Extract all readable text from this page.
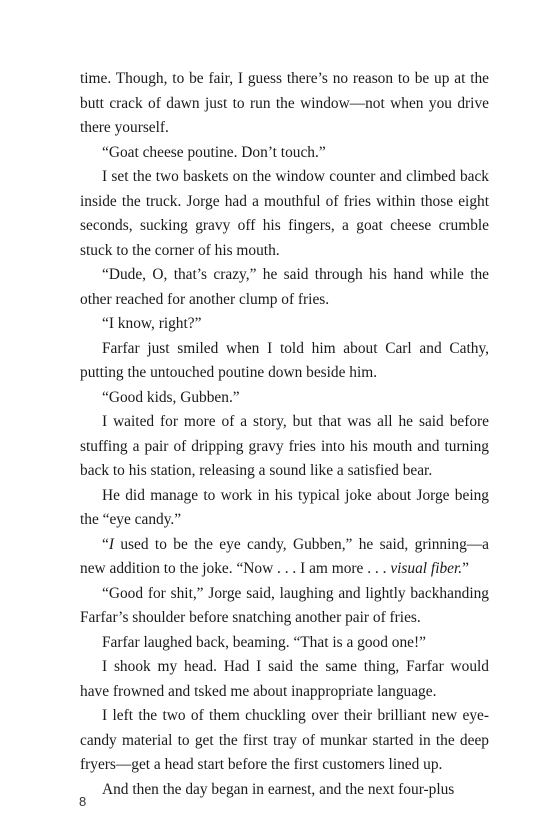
time. Though, to be fair, I guess there’s no reason to be up at the butt crack of dawn just to run the window—not when you drive there yourself.

“Goat cheese poutine. Don’t touch.”

I set the two baskets on the window counter and climbed back inside the truck. Jorge had a mouthful of fries within those eight seconds, sucking gravy off his fingers, a goat cheese crumble stuck to the corner of his mouth.

“Dude, O, that’s crazy,” he said through his hand while the other reached for another clump of fries.

“I know, right?”

Farfar just smiled when I told him about Carl and Cathy, putting the untouched poutine down beside him.

“Good kids, Gubben.”

I waited for more of a story, but that was all he said before stuffing a pair of dripping gravy fries into his mouth and turning back to his station, releasing a sound like a satisfied bear.

He did manage to work in his typical joke about Jorge being the “eye candy.”

“I used to be the eye candy, Gubben,” he said, grinning—a new addition to the joke. “Now . . . I am more . . . visual fiber.”

“Good for shit,” Jorge said, laughing and lightly backhanding Farfar’s shoulder before snatching another pair of fries.

Farfar laughed back, beaming. “That is a good one!”

I shook my head. Had I said the same thing, Farfar would have frowned and tsked me about inappropriate language.

I left the two of them chuckling over their brilliant new eye-candy material to get the first tray of munkar started in the deep fryers—get a head start before the first customers lined up.

And then the day began in earnest, and the next four-plus

8
